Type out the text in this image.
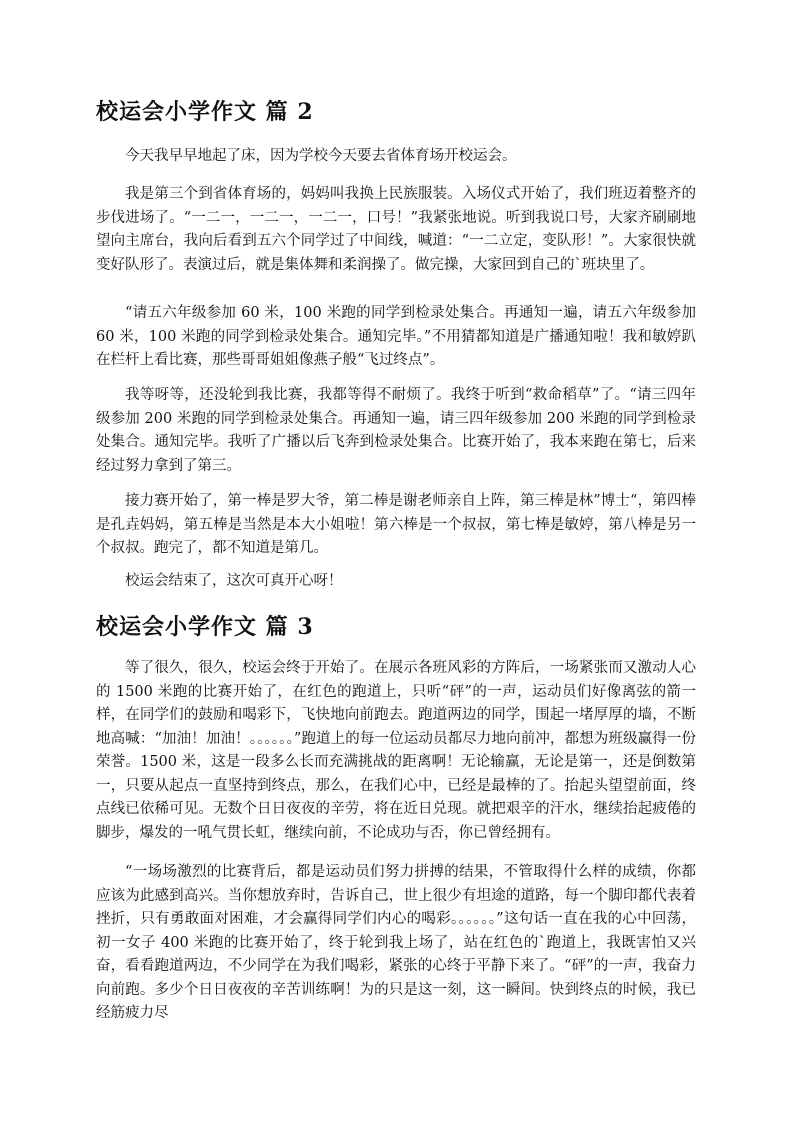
校运会小学作文 篇 2

今天我早早地起了床，因为学校今天要去省体育场开校运会。

我是第三个到省体育场的，妈妈叫我换上民族服装。入场仪式开始了，我们班迈着整齐的步伐进场了。“一二一，一二一，一二一，口号！”我紧张地说。听到我说口号，大家齐刷刷地望向主席台，我向后看到五六个同学过了中间线，喊道：“一二立定，变队形！”。大家很快就变好队形了。表演过后，就是集体舞和柔润操了。做完操，大家回到自己的`班块里了。

“请五六年级参加 60 米，100 米跑的同学到检录处集合。再通知一遍，请五六年级参加 60 米，100 米跑的同学到检录处集合。通知完毕。”不用猜都知道是广播通知啦！我和敏婷趴在栏杆上看比赛，那些哥哥姐姐像燕子般“飞过终点”。

我等呀等，还没轮到我比赛，我都等得不耐烦了。我终于听到“救命稻草”了。“请三四年级参加 200 米跑的同学到检录处集合。再通知一遍，请三四年级参加 200 米跑的同学到检录处集合。通知完毕。我听了广播以后飞奔到检录处集合。比赛开始了，我本来跑在第七，后来经过努力拿到了第三。

接力赛开始了，第一棒是罗大爷，第二棒是谢老师亲自上阵，第三棒是林”博士“，第四棒是孔垚妈妈，第五棒是当然是本大小姐啦！第六棒是一个叔叔，第七棒是敏婷，第八棒是另一个叔叔。跑完了，都不知道是第几。

校运会结束了，这次可真开心呀！

校运会小学作文 篇 3

等了很久，很久，校运会终于开始了。在展示各班风彩的方阵后，一场紧张而又激动人心的 1500 米跑的比赛开始了，在红色的跑道上，只听“砰”的一声，运动员们好像离弦的箭一样，在同学们的鼓励和喝彩下，飞快地向前跑去。跑道两边的同学，围起一堵厚厚的墙，不断地高喊：“加油！加油！。。。。。。”跑道上的每一位运动员都尽力地向前冲，都想为班级赢得一份荣誉。1500 米，这是一段多么长而充满挑战的距离啊！无论输赢，无论是第一，还是倒数第一，只要从起点一直坚持到终点，那么，在我们心中，已经是最棒的了。抬起头望望前面，终点线已依稀可见。无数个日日夜夜的辛劳，将在近日兑现。就把艰辛的汗水，继续抬起疲倦的脚步，爆发的一吼气贯长虹，继续向前，不论成功与否，你已曾经拥有。

“一场场激烈的比赛背后，都是运动员们努力拼搏的结果，不管取得什么样的成绩，你都应该为此感到高兴。当你想放弃时，告诉自己，世上很少有坦途的道路，每一个脚印都代表着挫折，只有勇敢面对困难，才会赢得同学们内心的喝彩。。。。。。”这句话一直在我的心中回荡，初一女子 400 米跑的比赛开始了，终于轮到我上场了，站在红色的`跑道上，我既害怕又兴奋，看看跑道两边，不少同学在为我们喝彩，紧张的心终于平静下来了。“砰”的一声，我奋力向前跑。多少个日日夜夜的辛苦训练啊！为的只是这一刻，这一瞬间。快到终点的时候，我已经筋疲力尽
